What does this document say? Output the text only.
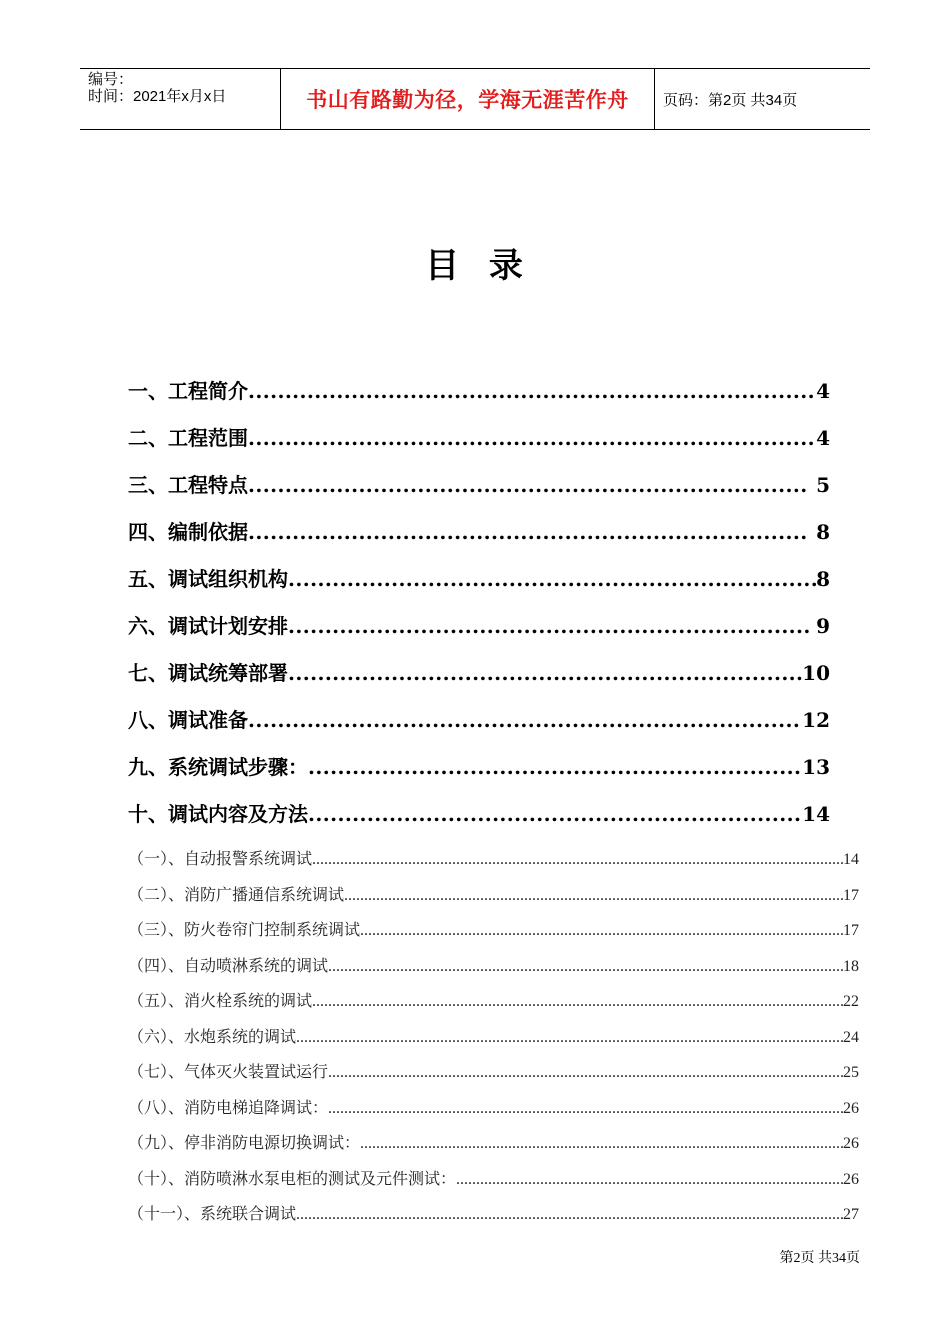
编号：
时间：2021年x月x日	书山有路勤为径，学海无涯苦作舟	页码：第2页 共34页
目  录
一、工程简介 .....	4
二、工程范围 .....	4
三、工程特点 .....	5
四、编制依据 .....	8
五、调试组织机构 .....	8
六、调试计划安排 .....	9
七、调试统筹部署 .....	10
八、调试准备 .....	12
九、系统调试步骤： .....	13
十、调试内容及方法 .....	14
（一）、自动报警系统调试 .....	14
（二）、消防广播通信系统调试 .....	17
（三）、防火卷帘门控制系统调试 .....	17
（四）、自动喷淋系统的调试 .....	18
（五）、消火栓系统的调试 .....	22
（六）、水炮系统的调试 .....	24
（七）、气体灭火装置试运行 .....	25
（八）、消防电梯追降调试： .....	26
（九）、停非消防电源切换调试： .....	26
（十）、消防喷淋水泵电柜的测试及元件测试： .....	26
（十一）、系统联合调试 .....	27
第2页 共34页
